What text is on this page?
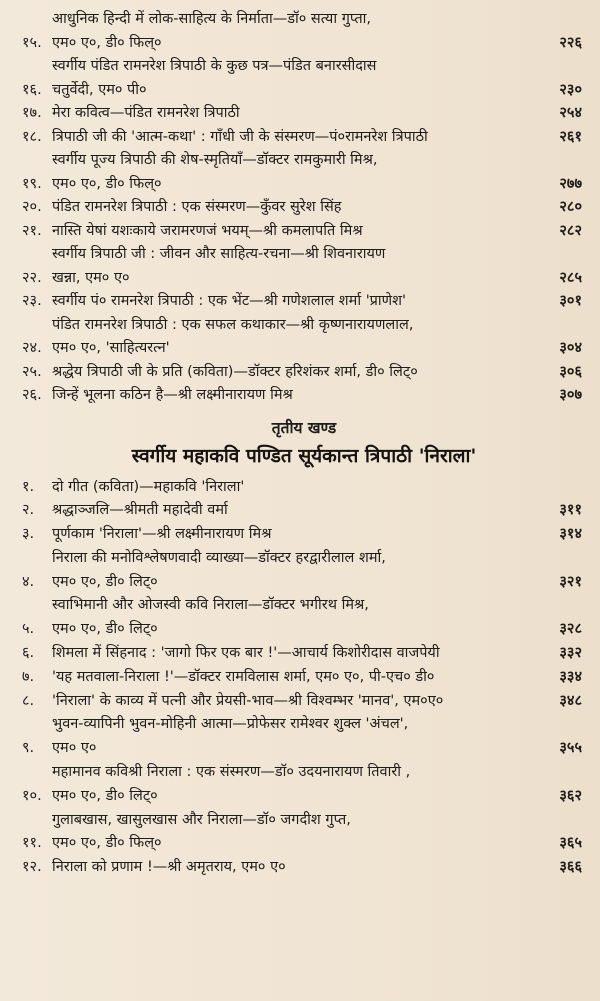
१५.
आधुनिक हिन्दी में लोक-साहित्य के निर्माता—डॉ० सत्या गुप्ता,
एम० ए०, डी० फिल्०	२२६
१६.
स्वर्गीय पंडित रामनरेश त्रिपाठी के कुछ पत्र—पंडित बनारसीदास
चतुर्वेदी, एम० पी०	२३०
१७. मेरा कवित्व—पंडित रामनरेश त्रिपाठी	२५४
१८. त्रिपाठी जी की 'आत्म-कथा' : गाँधी जी के संस्मरण—पं०रामनरेश त्रिपाठी	२६१
१९.
स्वर्गीय पूज्य त्रिपाठी की शेष-स्मृतियाँ—डॉक्टर रामकुमारी मिश्र,
एम० ए०, डी० फिल्०	२७७
२०. पंडित रामनरेश त्रिपाठी : एक संस्मरण—कुँवर सुरेश सिंह	२८०
२१. नास्ति येषां यशःकाये जरामरणजं भयम्—श्री कमलापति मिश्र	२८२
२२.
स्वर्गीय त्रिपाठी जी : जीवन और साहित्य-रचना—श्री शिवनारायण
खन्ना, एम० ए०	२८५
२३. स्वर्गीय पं० रामनरेश त्रिपाठी : एक भेंट—श्री गणेशलाल शर्मा 'प्राणेश'	३०१
२४.
पंडित रामनरेश त्रिपाठी : एक सफल कथाकार—श्री कृष्णनारायणलाल,
एम० ए०, 'साहित्यरत्न'	३०४
२५. श्रद्धेय त्रिपाठी जी के प्रति (कविता)—डॉक्टर हरिशंकर शर्मा, डी० लिट्०	३०६
२६. जिन्हें भूलना कठिन है—श्री लक्ष्मीनारायण मिश्र	३०७
तृतीय खण्ड
स्वर्गीय महाकवि पण्डित सूर्यकान्त त्रिपाठी 'निराला'
१.	दो गीत (कविता)—महाकवि 'निराला'
२.	श्रद्धाञ्जलि—श्रीमती महादेवी वर्मा	३११
३.	पूर्णकाम 'निराला'—श्री लक्ष्मीनारायण मिश्र	३१४
४.
निराला की मनोविश्लेषणवादी व्याख्या—डॉक्टर हरद्वारीलाल शर्मा,
एम० ए०, डी० लिट्०	३२१
५.
स्वाभिमानी और ओजस्वी कवि निराला—डॉक्टर भगीरथ मिश्र,
एम० ए०, डी० लिट्०	३२८
६.	शिमला में सिंहनाद : 'जागो फिर एक बार !'—आचार्य किशोरीदास वाजपेयी	३३२
७.	'यह मतवाला-निराला !'—डॉक्टर रामविलास शर्मा, एम० ए०, पी-एच० डी०	३३४
८.	'निराला' के काव्य में पत्नी और प्रेयसी-भाव—श्री विश्वम्भर 'मानव', एम०ए०	३४८
९.
भुवन-व्यापिनी भुवन-मोहिनी आत्मा—प्रोफेसर रामेश्वर शुक्ल 'अंचल',
एम० ए०	३५५
१०.
महामानव कविश्री निराला : एक संस्मरण—डॉ० उदयनारायण तिवारी ,
एम० ए०, डी० लिट्०	३६२
११.
गुलाबखास, खासुलखास और निराला—डॉ० जगदीश गुप्त,
एम० ए०, डी० फिल्०	३६५
१२. निराला को प्रणाम !—श्री अमृतराय, एम० ए०	३६६
